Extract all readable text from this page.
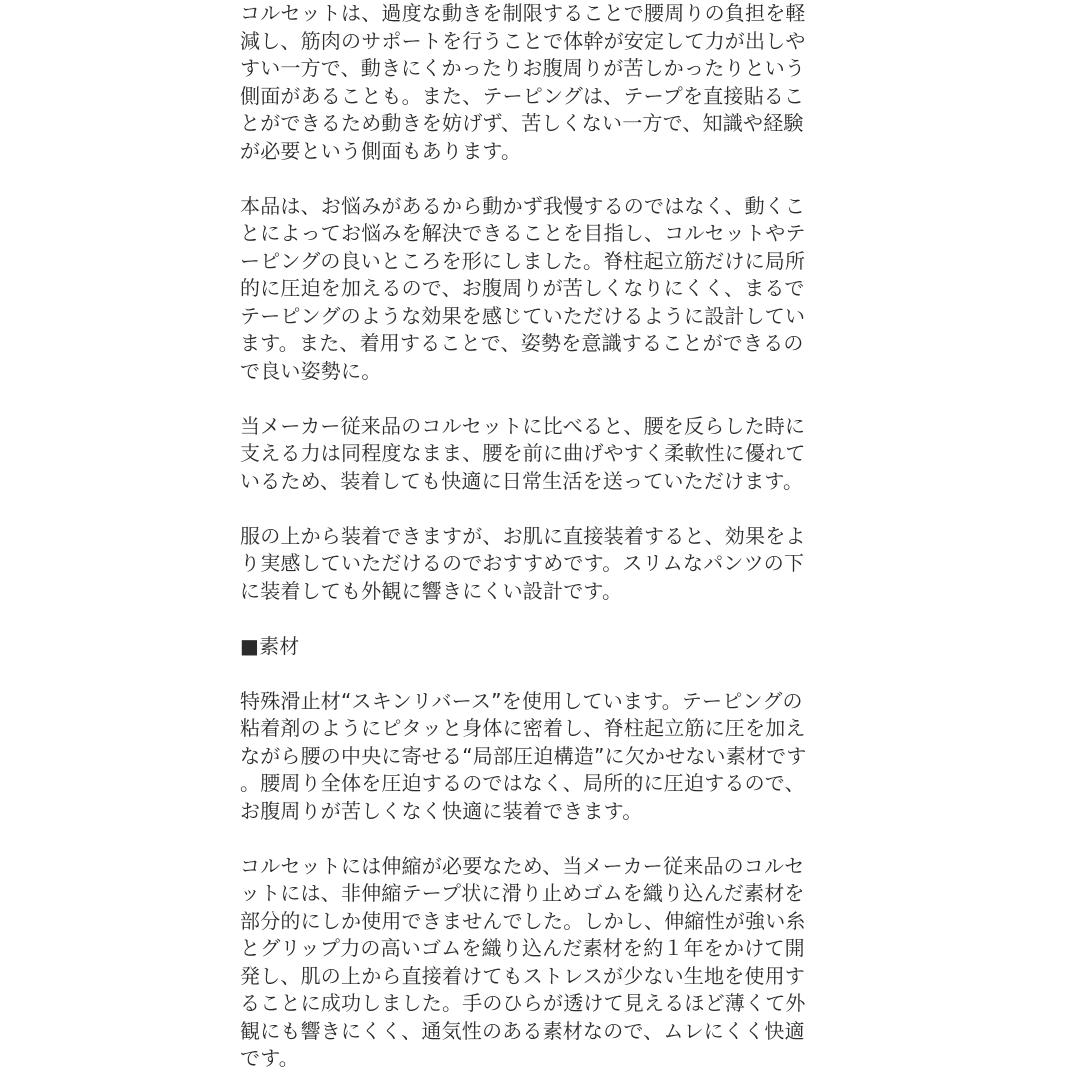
コルセットは、過度な動きを制限することで腰周りの負担を軽
減し、筋肉のサポートを行うことで体幹が安定して力が出しや
すい一方で、動きにくかったりお腹周りが苦しかったりという
側面があることも。また、テーピングは、テープを直接貼るこ
とができるため動きを妨げず、苦しくない一方で、知識や経験
が必要という側面もあります。
本品は、お悩みがあるから動かず我慢するのではなく、動くこ
とによってお悩みを解決できることを目指し、コルセットやテ
ーピングの良いところを形にしました。脊柱起立筋だけに局所
的に圧迫を加えるので、お腹周りが苦しくなりにくく、まるで
テーピングのような効果を感じていただけるように設計してい
ます。また、着用することで、姿勢を意識することができるの
で良い姿勢に。
当メーカー従来品のコルセットに比べると、腰を反らした時に
支える力は同程度なまま、腰を前に曲げやすく柔軟性に優れて
いるため、装着しても快適に日常生活を送っていただけます。
服の上から装着できますが、お肌に直接装着すると、効果をよ
り実感していただけるのでおすすめです。スリムなパンツの下
に装着しても外観に響きにくい設計です。
■素材
特殊滑止材“スキンリバース”を使用しています。テーピングの
粘着剤のようにピタッと身体に密着し、脊柱起立筋に圧を加え
ながら腰の中央に寄せる“局部圧迫構造”に欠かせない素材です
。腰周り全体を圧迫するのではなく、局所的に圧迫するので、
お腹周りが苦しくなく快適に装着できます。
コルセットには伸縮が必要なため、当メーカー従来品のコルセ
ットには、非伸縮テープ状に滑り止めゴムを織り込んだ素材を
部分的にしか使用できませんでした。しかし、伸縮性が強い糸
とグリップ力の高いゴムを織り込んだ素材を約１年をかけて開
発し、肌の上から直接着けてもストレスが少ない生地を使用す
ることに成功しました。手のひらが透けて見えるほど薄くて外
観にも響きにくく、通気性のある素材なので、ムレにくく快適
です。
